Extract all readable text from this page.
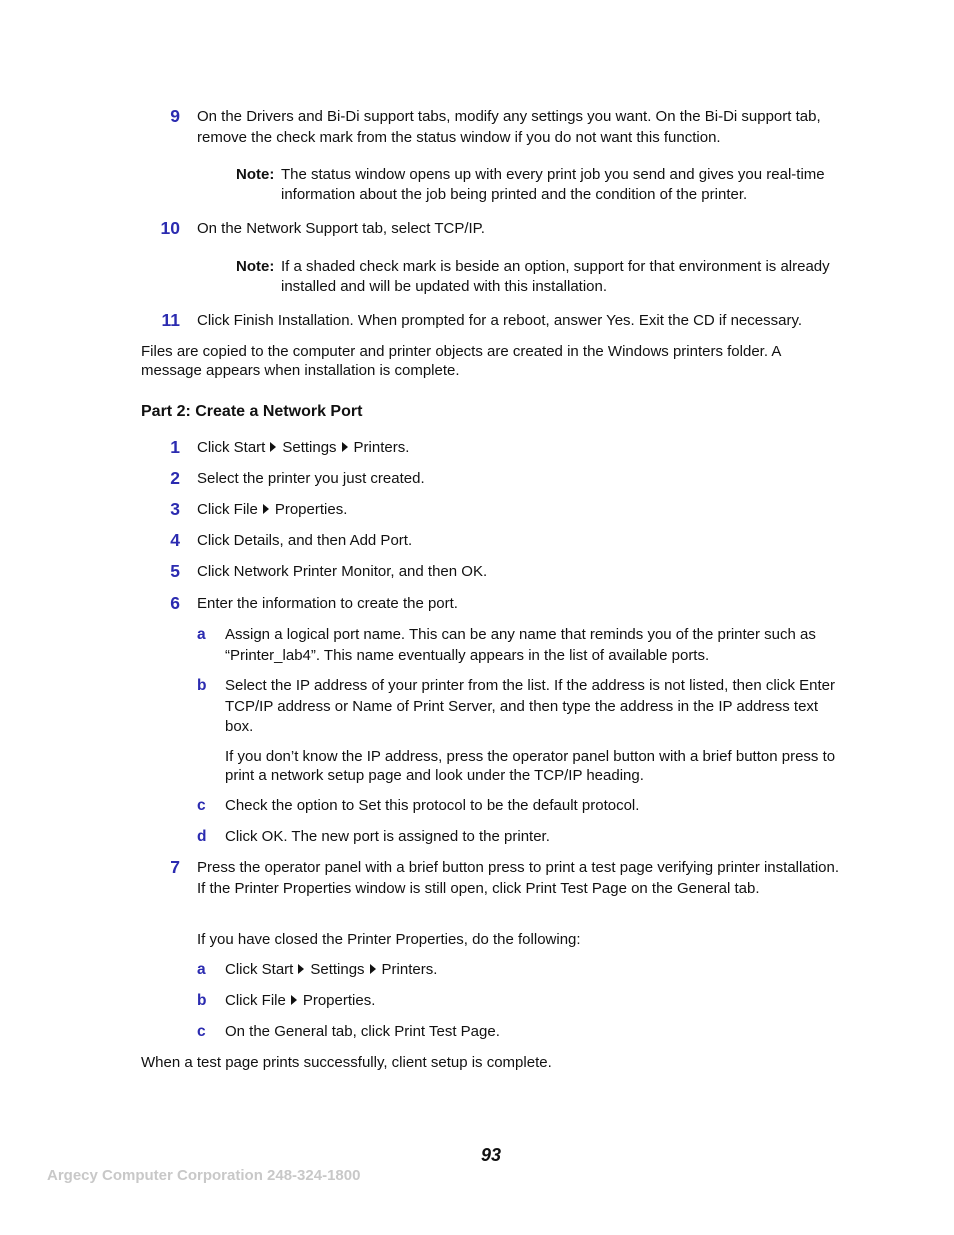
9 On the Drivers and Bi-Di support tabs, modify any settings you want. On the Bi-Di support tab, remove the check mark from the status window if you do not want this function.
Note: The status window opens up with every print job you send and gives you real-time information about the job being printed and the condition of the printer.
10 On the Network Support tab, select TCP/IP.
Note: If a shaded check mark is beside an option, support for that environment is already installed and will be updated with this installation.
11 Click Finish Installation. When prompted for a reboot, answer Yes. Exit the CD if necessary.
Files are copied to the computer and printer objects are created in the Windows printers folder. A message appears when installation is complete.
Part 2: Create a Network Port
1 Click Start Settings Printers.
2 Select the printer you just created.
3 Click File Properties.
4 Click Details, and then Add Port.
5 Click Network Printer Monitor, and then OK.
6 Enter the information to create the port.
a Assign a logical port name. This can be any name that reminds you of the printer such as “Printer_lab4”. This name eventually appears in the list of available ports.
b Select the IP address of your printer from the list. If the address is not listed, then click Enter TCP/IP address or Name of Print Server, and then type the address in the IP address text box.
If you don’t know the IP address, press the operator panel button with a brief button press to print a network setup page and look under the TCP/IP heading.
c Check the option to Set this protocol to be the default protocol.
d Click OK. The new port is assigned to the printer.
7 Press the operator panel with a brief button press to print a test page verifying printer installation. If the Printer Properties window is still open, click Print Test Page on the General tab.
If you have closed the Printer Properties, do the following:
a Click Start Settings Printers.
b Click File Properties.
c On the General tab, click Print Test Page.
When a test page prints successfully, client setup is complete.
93
Argecy Computer Corporation 248-324-1800
